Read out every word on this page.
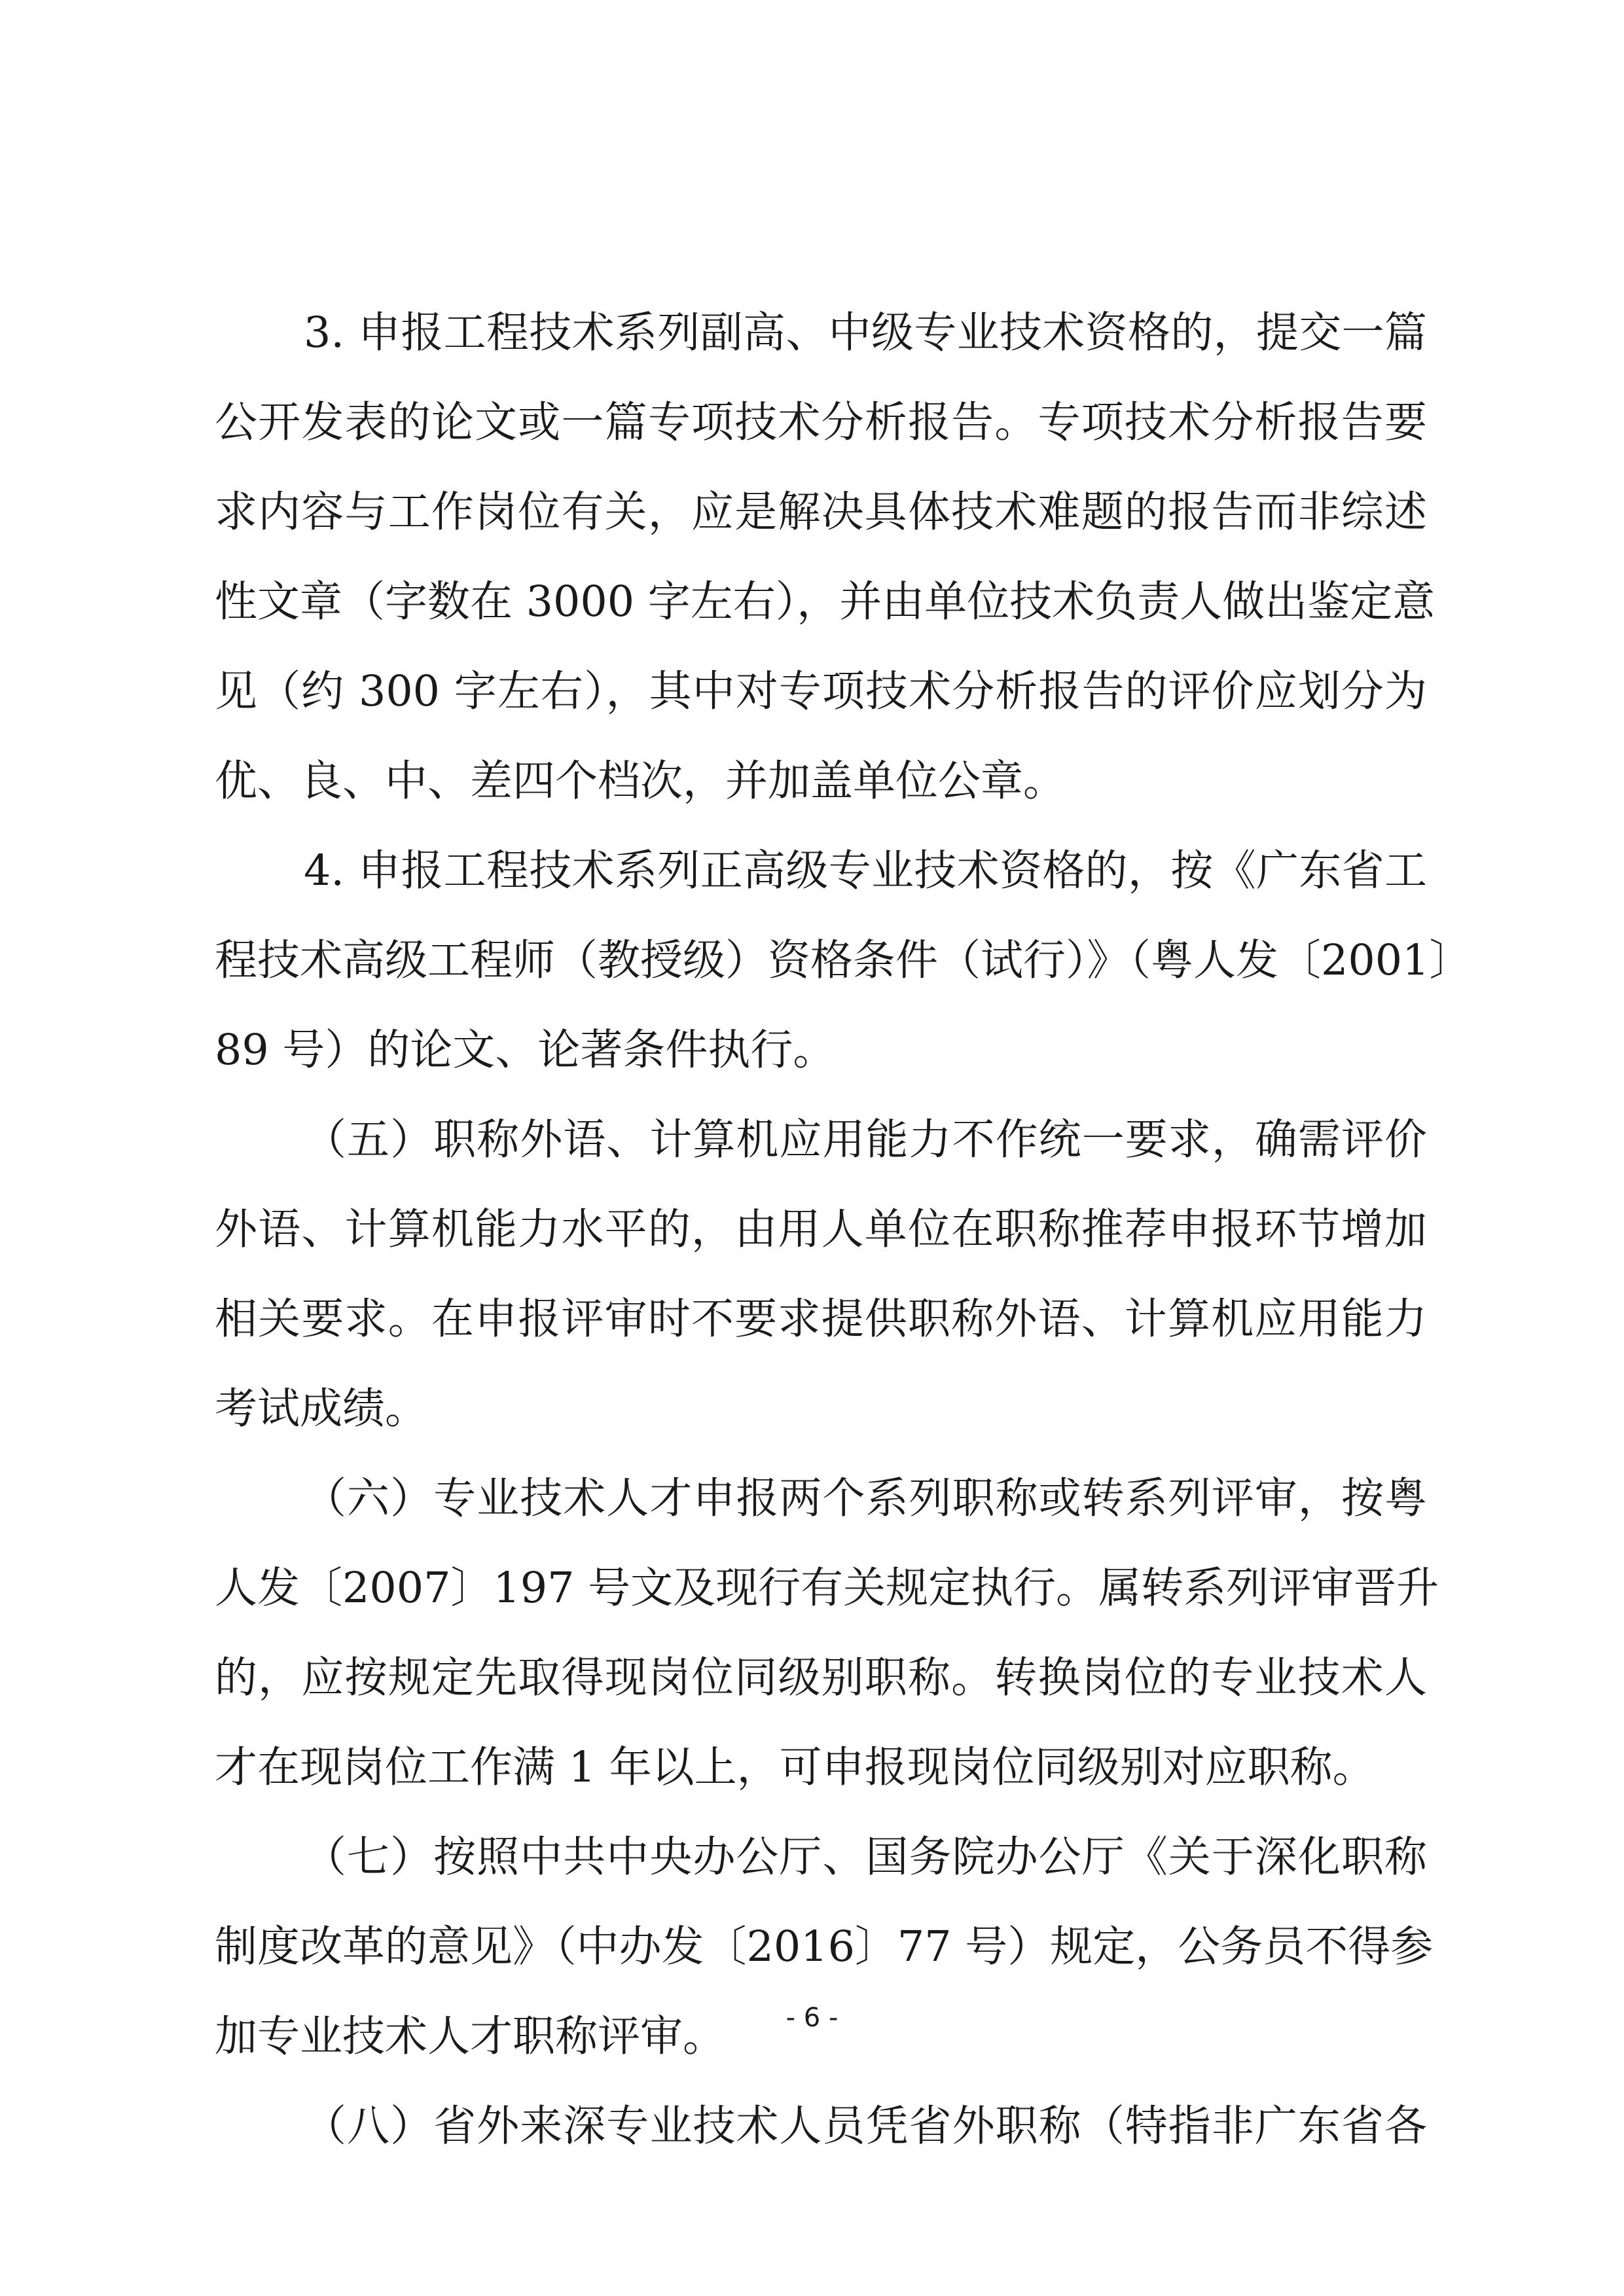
3. 申报工程技术系列副高、中级专业技术资格的，提交一篇
公开发表的论文或一篇专项技术分析报告。专项技术分析报告要
求内容与工作岗位有关，应是解决具体技术难题的报告而非综述
性文章（字数在 3000 字左右），并由单位技术负责人做出鉴定意
见（约 300 字左右），其中对专项技术分析报告的评价应划分为
优、良、中、差四个档次，并加盖单位公章。
4. 申报工程技术系列正高级专业技术资格的，按《广东省工
程技术高级工程师（教授级）资格条件（试行）》（粤人发〔2001〕
89 号）的论文、论著条件执行。
（五）职称外语、计算机应用能力不作统一要求，确需评价
外语、计算机能力水平的，由用人单位在职称推荐申报环节增加
相关要求。在申报评审时不要求提供职称外语、计算机应用能力
考试成绩。
（六）专业技术人才申报两个系列职称或转系列评审，按粤
人发〔2007〕197 号文及现行有关规定执行。属转系列评审晋升
的，应按规定先取得现岗位同级别职称。转换岗位的专业技术人
才在现岗位工作满 1 年以上，可申报现岗位同级别对应职称。
（七）按照中共中央办公厅、国务院办公厅《关于深化职称
制度改革的意见》（中办发〔2016〕77 号）规定，公务员不得参
加专业技术人才职称评审。
（八）省外来深专业技术人员凭省外职称（特指非广东省各
- 6 -
